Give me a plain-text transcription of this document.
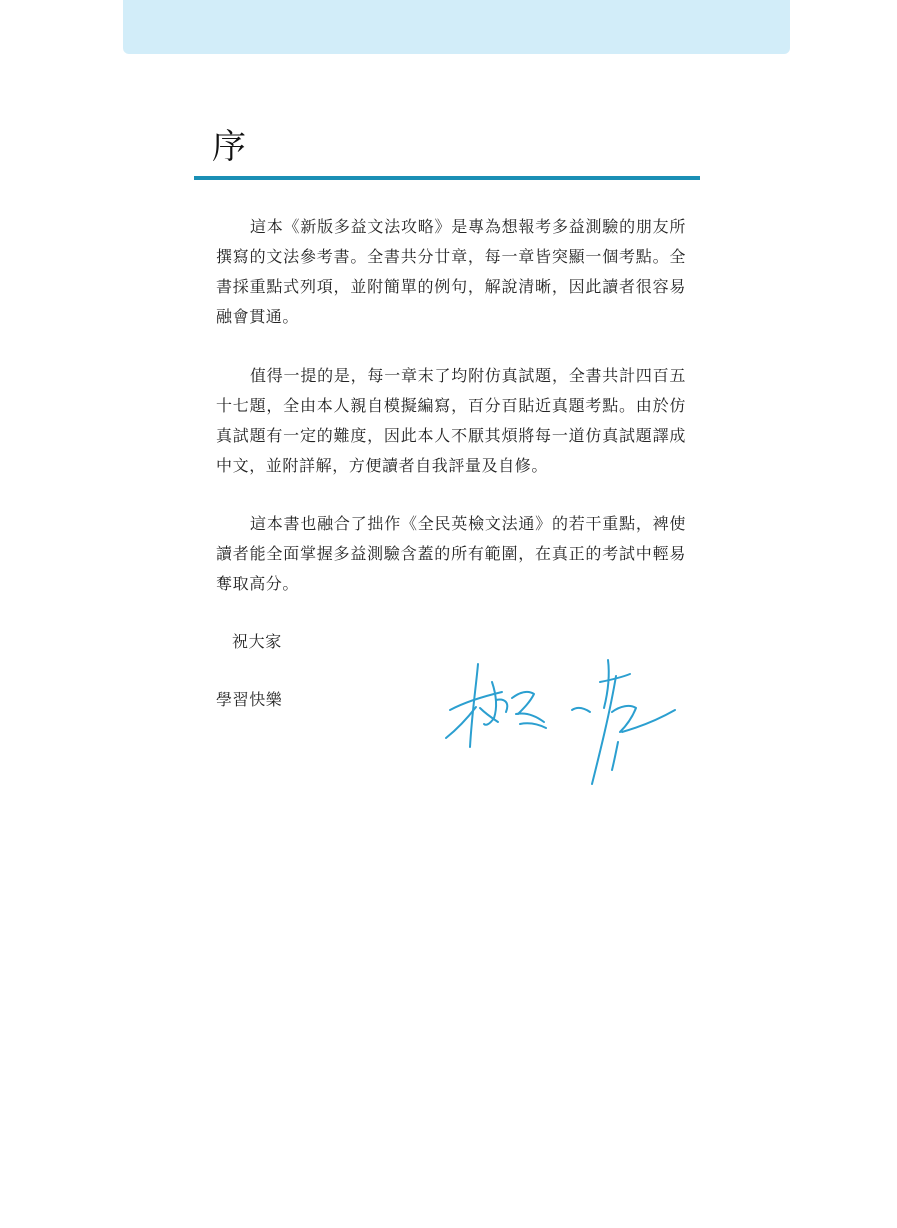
序

這本《新版多益文法攻略》是專為想報考多益測驗的朋友所撰寫的文法參考書。全書共分廿章，每一章皆突顯一個考點。全書採重點式列項，並附簡單的例句，解說清晰，因此讀者很容易融會貫通。

值得一提的是，每一章末了均附仿真試題，全書共計四百五十七題，全由本人親自模擬編寫，百分百貼近真題考點。由於仿真試題有一定的難度，因此本人不厭其煩將每一道仿真試題譯成中文，並附詳解，方便讀者自我評量及自修。

這本書也融合了拙作《全民英檢文法通》的若干重點，裨使讀者能全面掌握多益測驗含蓋的所有範圍，在真正的考試中輕易奪取高分。

祝大家

學習快樂
